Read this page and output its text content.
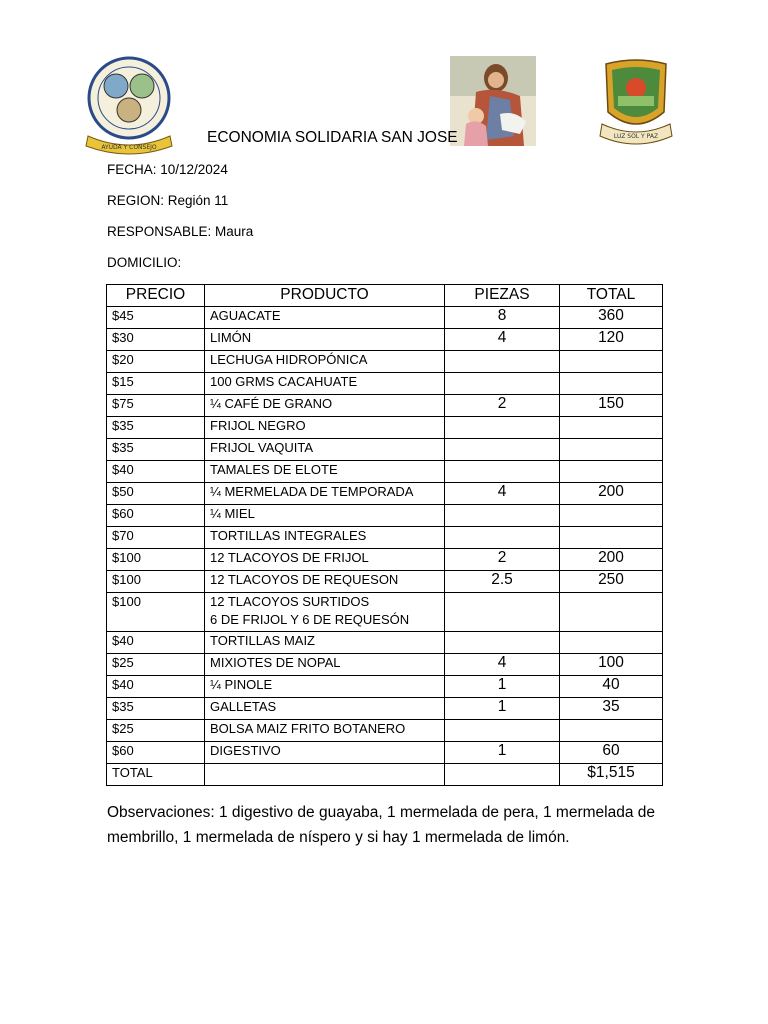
AYUDA Y CONSEJO
LUZ SOL Y PAZ
ECONOMIA SOLIDARIA SAN JOSE
FECHA: 10/12/2024
REGION: Región 11
RESPONSABLE: Maura
DOMICILIO:
PRECIO	PRODUCTO	PIEZAS	TOTAL
$45	AGUACATE	8	360
$30	LIMÓN	4	120
$20	LECHUGA HIDROPÓNICA		

$15	100 GRMS CACAHUATE		

$75	¼ CAFÉ DE GRANO	2	150
$35	FRIJOL NEGRO		

$35	FRIJOL VAQUITA		

$40	TAMALES DE ELOTE		

$50	¼ MERMELADA DE TEMPORADA	4	200
$60	¼ MIEL		

$70	TORTILLAS INTEGRALES		

$100	12 TLACOYOS DE FRIJOL	2	200
$100	12 TLACOYOS DE REQUESON	2.5	250
$100	12 TLACOYOS SURTIDOS
6 DE FRIJOL Y 6 DE REQUESÓN		

$40	TORTILLAS MAIZ		

$25	MIXIOTES DE NOPAL	4	100
$40	¼ PINOLE	1	40
$35	GALLETAS	1	35
$25	BOLSA MAIZ FRITO BOTANERO		

$60	DIGESTIVO	1	60
TOTAL			$1,515
Observaciones: 1 digestivo de guayaba, 1 mermelada de pera, 1 mermelada de membrillo, 1 mermelada de níspero y si hay 1 mermelada de limón.
